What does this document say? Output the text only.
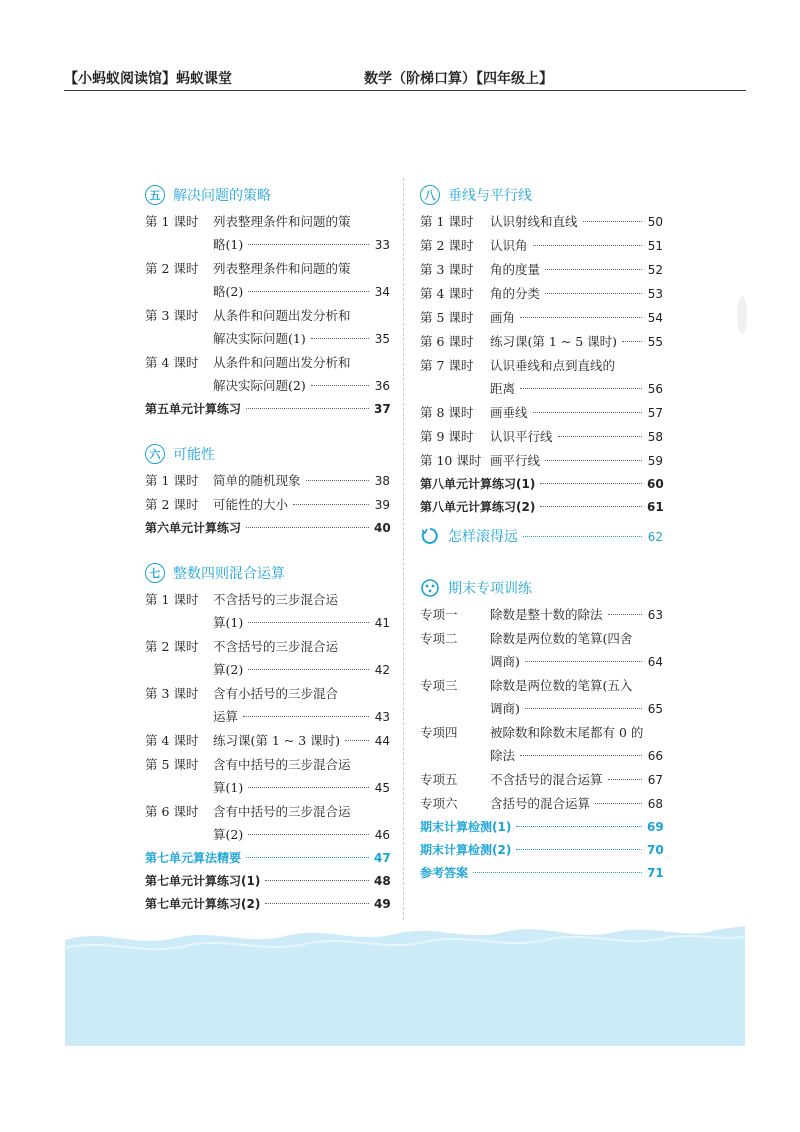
【小蚂蚁阅读馆】蚂蚁课堂	数学（阶梯口算）【四年级上】
五 解决问题的策略
第 1 课时	列表整理条件和问题的策
略(1)	33
第 2 课时	列表整理条件和问题的策
略(2)	34
第 3 课时	从条件和问题出发分析和
解决实际问题(1)	35
第 4 课时	从条件和问题出发分析和
解决实际问题(2)	36
第五单元计算练习	37
六 可能性
第 1 课时	简单的随机现象	38
第 2 课时	可能性的大小	39
第六单元计算练习	40
七 整数四则混合运算
第 1 课时	不含括号的三步混合运
算(1)	41
第 2 课时	不含括号的三步混合运
算(2)	42
第 3 课时	含有小括号的三步混合
运算	43
第 4 课时	练习课(第 1 ~ 3 课时)	44
第 5 课时	含有中括号的三步混合运
算(1)	45
第 6 课时	含有中括号的三步混合运
算(2)	46
第七单元算法精要	47
第七单元计算练习(1)	48
第七单元计算练习(2)	49
八 垂线与平行线
第 1 课时	认识射线和直线	50
第 2 课时	认识角	51
第 3 课时	角的度量	52
第 4 课时	角的分类	53
第 5 课时	画角	54
第 6 课时	练习课(第 1 ~ 5 课时)	55
第 7 课时	认识垂线和点到直线的
距离	56
第 8 课时	画垂线	57
第 9 课时	认识平行线	58
第 10 课时 画平行线	59
第八单元计算练习(1)	60
第八单元计算练习(2)	61
怎样滚得远	62
期末专项训练
专项一	除数是整十数的除法	63
专项二	除数是两位数的笔算(四舍
调商)	64
专项三	除数是两位数的笔算(五入
调商)	65
专项四	被除数和除数末尾都有 0 的
除法	66
专项五	不含括号的混合运算	67
专项六	含括号的混合运算	68
期末计算检测(1)	69
期末计算检测(2)	70
参考答案	71
